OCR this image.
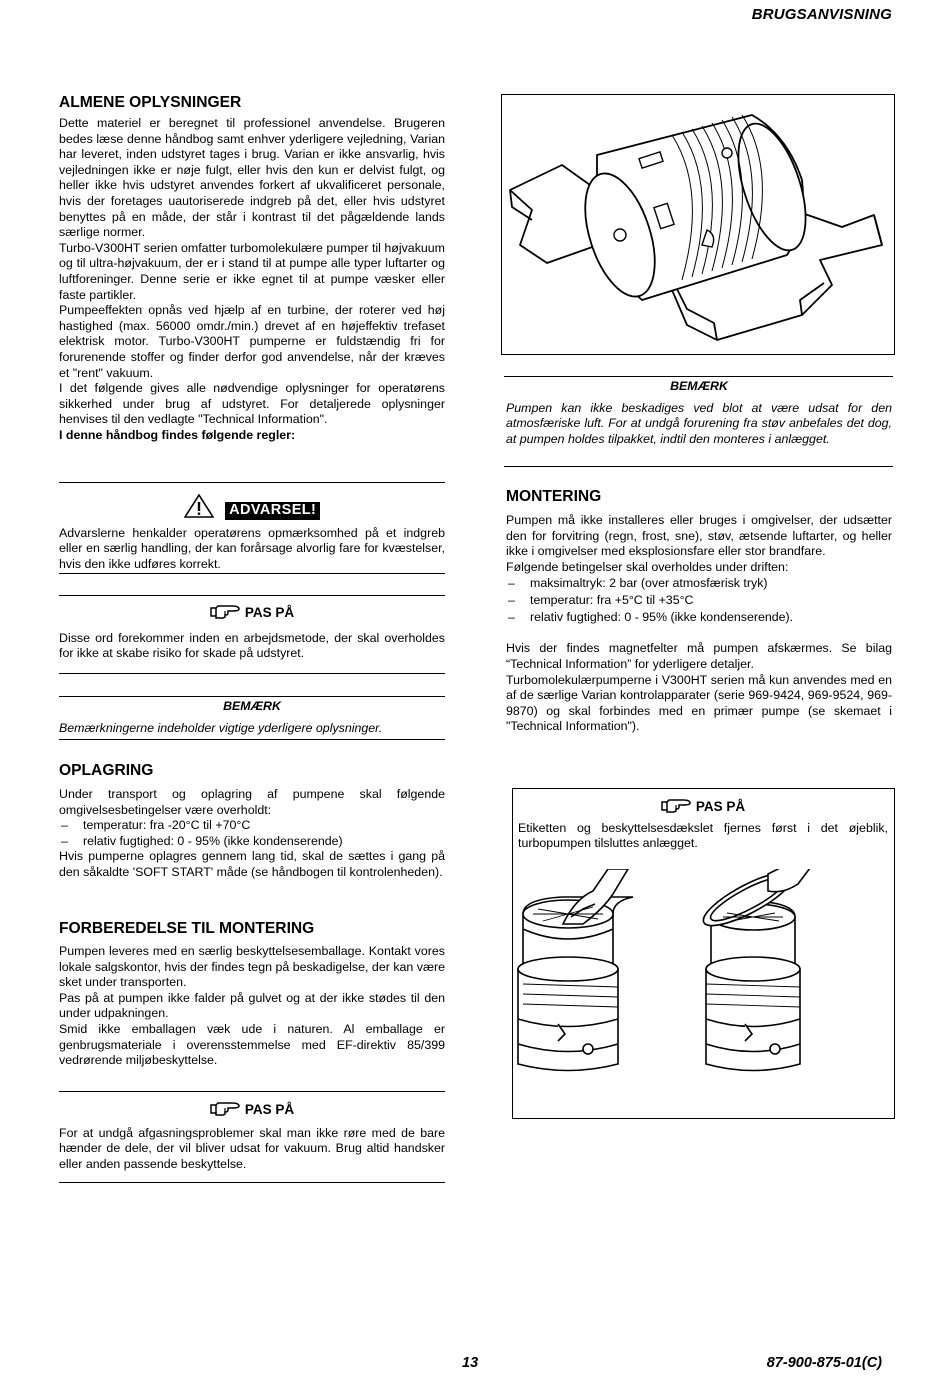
BRUGSANVISNING
ALMENE OPLYSNINGER

Dette materiel er beregnet til professionel anvendelse. Brugeren bedes læse denne håndbog samt enhver yderligere vejledning, Varian har leveret, inden udstyret tages i brug. Varian er ikke ansvarlig, hvis vejledningen ikke er nøje fulgt, eller hvis den kun er delvist fulgt, og heller ikke hvis udstyret anvendes forkert af ukvalificeret personale, hvis der foretages uautoriserede indgreb på det, eller hvis udstyret benyttes på en måde, der står i kontrast til det pågældende lands særlige normer.

Turbo-V300HT serien omfatter turbomolekulære pumper til højvakuum og til ultra-højvakuum, der er i stand til at pumpe alle typer luftarter og luftforeninger. Denne serie er ikke egnet til at pumpe væsker eller faste partikler.

Pumpeeffekten opnås ved hjælp af en turbine, der roterer ved høj hastighed (max. 56000 omdr./min.) drevet af en højeffektiv trefaset elektrisk motor. Turbo-V300HT pumperne er fuldstændig fri for forurenende stoffer og finder derfor god anvendelse, når der kræves et "rent" vakuum.

I det følgende gives alle nødvendige oplysninger for operatørens sikkerhed under brug af udstyret. For detaljerede oplysninger henvises til den vedlagte "Technical Information".

I denne håndbog findes følgende regler:

ADVARSEL!

Advarslerne henkalder operatørens opmærksomhed på et indgreb eller en særlig handling, der kan forårsage alvorlig fare for kvæstelser, hvis den ikke udføres korrekt.

PAS PÅ

Disse ord forekommer inden en arbejdsmetode, der skal overholdes for ikke at skabe risiko for skade på udstyret.

BEMÆRK

Bemærkningerne indeholder vigtige yderligere oplysninger.

OPLAGRING

Under transport og oplagring af pumpene skal følgende omgivelsesbetingelser være overholdt:

– temperatur: fra -20°C til +70°C
– relativ fugtighed: 0 - 95% (ikke kondenserende)

Hvis pumperne oplagres gennem lang tid, skal de sættes i gang på den såkaldte 'SOFT START' måde (se håndbogen til kontrolenheden).

FORBEREDELSE TIL MONTERING

Pumpen leveres med en særlig beskyttelsesemballage. Kontakt vores lokale salgskontor, hvis der findes tegn på beskadigelse, der kan være sket under transporten.

Pas på at pumpen ikke falder på gulvet og at der ikke stødes til den under udpakningen.

Smid ikke emballagen væk ude i naturen. Al emballage er genbrugsmateriale i overensstemmelse med EF-direktiv 85/399 vedrørende miljøbeskyttelse.

PAS PÅ

For at undgå afgasningsproblemer skal man ikke røre med de bare hænder de dele, der vil bliver udsat for vakuum. Brug altid handsker eller anden passende beskyttelse.

BEMÆRK

Pumpen kan ikke beskadiges ved blot at være udsat for den atmosfæriske luft. For at undgå forurening fra støv anbefales det dog, at pumpen holdes tilpakket, indtil den monteres i anlægget.

MONTERING

Pumpen må ikke installeres eller bruges i omgivelser, der udsætter den for forvitring (regn, frost, sne), støv, ætsende luftarter, og heller ikke i omgivelser med eksplosionsfare eller stor brandfare.

Følgende betingelser skal overholdes under driften:

– maksimaltryk: 2 bar (over atmosfærisk tryk)
– temperatur: fra +5°C til +35°C
– relativ fugtighed: 0 - 95% (ikke kondenserende).

Hvis der findes magnetfelter må pumpen afskærmes. Se bilag “Technical Information” for yderligere detaljer.

Turbomolekulærpumperne i V300HT serien må kun anvendes med en af de særlige Varian kontrolapparater (serie 969-9424, 969-9524, 969-9870) og skal forbindes med en primær pumpe (se skemaet i "Technical Information").

PAS PÅ

Etiketten og beskyttelsesdækslet fjernes først i det øjeblik, turbopumpen tilsluttes anlægget.

13	87-900-875-01(C)
